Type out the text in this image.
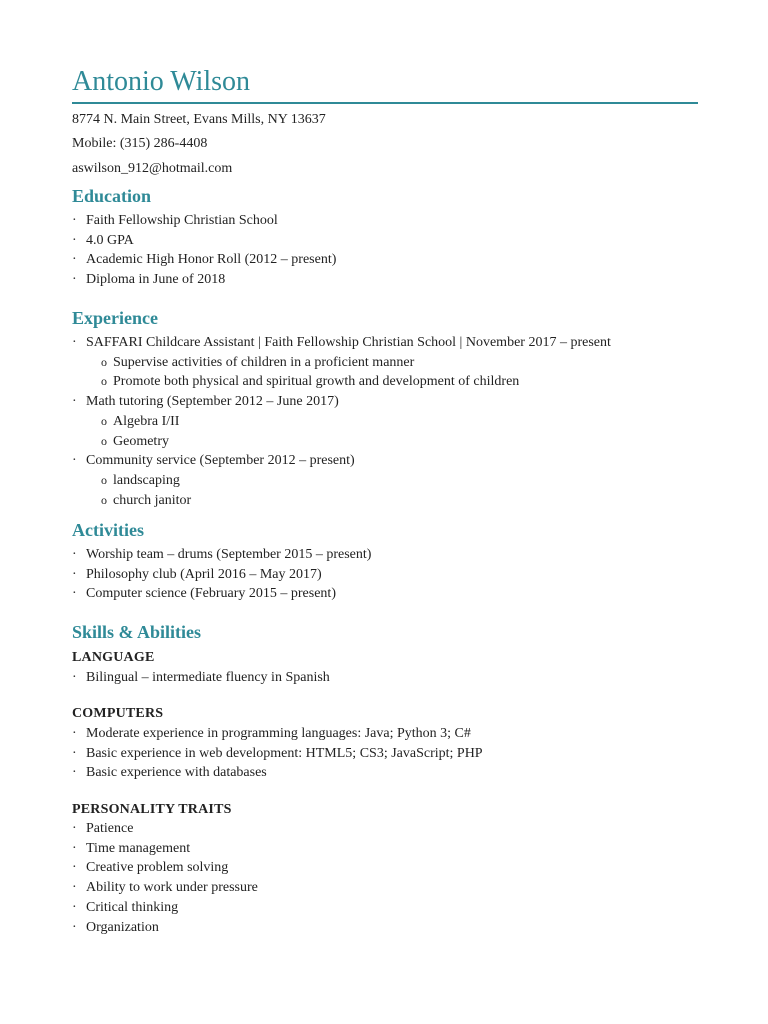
Antonio Wilson
8774 N. Main Street, Evans Mills, NY 13637
Mobile: (315) 286-4408
aswilson_912@hotmail.com
Education
· Faith Fellowship Christian School
· 4.0 GPA
· Academic High Honor Roll (2012 – present)
· Diploma in June of 2018
Experience
· SAFFARI Childcare Assistant | Faith Fellowship Christian School | November 2017 – present
o Supervise activities of children in a proficient manner
o Promote both physical and spiritual growth and development of children
· Math tutoring (September 2012 – June 2017)
o Algebra I/II
o Geometry
· Community service (September 2012 – present)
o landscaping
o church janitor
Activities
· Worship team – drums (September 2015 – present)
· Philosophy club (April 2016 – May 2017)
· Computer science (February 2015 – present)
Skills & Abilities
LANGUAGE
· Bilingual – intermediate fluency in Spanish
COMPUTERS
· Moderate experience in programming languages: Java; Python 3; C#
· Basic experience in web development: HTML5; CS3; JavaScript; PHP
· Basic experience with databases
PERSONALITY TRAITS
· Patience
· Time management
· Creative problem solving
· Ability to work under pressure
· Critical thinking
· Organization
